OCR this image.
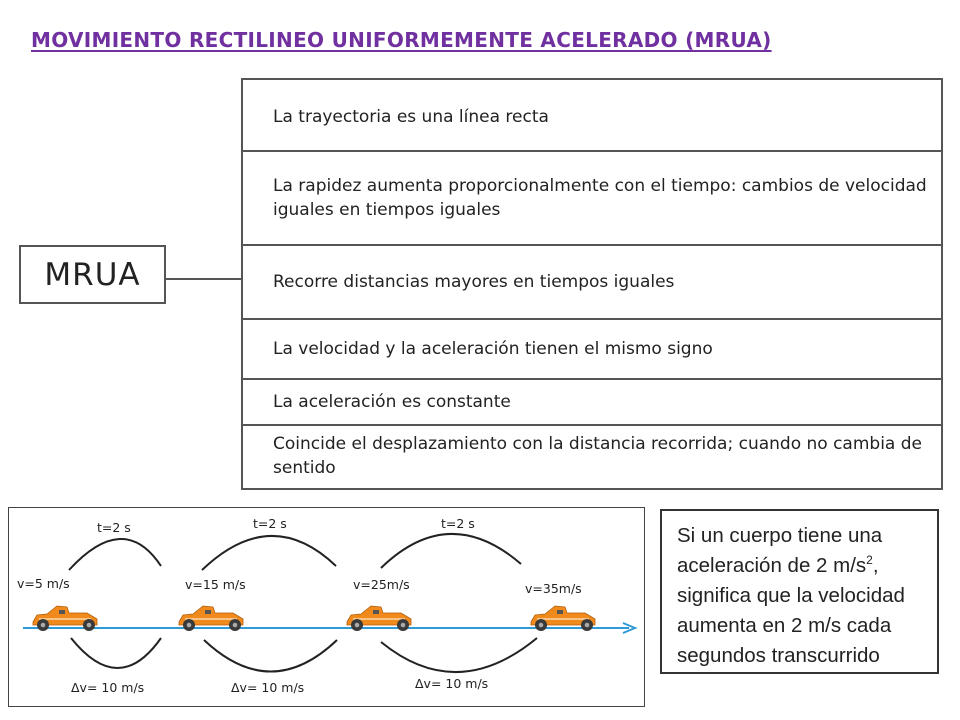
MOVIMIENTO RECTILINEO UNIFORMEMENTE ACELERADO (MRUA)
MRUA
La trayectoria es una línea recta
La rapidez aumenta proporcionalmente con el tiempo: cambios de velocidad iguales en tiempos iguales
Recorre distancias mayores en tiempos iguales
La velocidad y la aceleración tienen el mismo signo
La aceleración es constante
Coincide el desplazamiento con la distancia recorrida; cuando no cambia de sentido
t=2 s	t=2 s	t=2 s
v=5 m/s	v=15 m/s	v=25m/s	v=35m/s
Δv= 10 m/s	Δv= 10 m/s	Δv= 10 m/s
Si un cuerpo tiene una aceleración de 2 $m/s^2$, significa que la velocidad aumenta en 2 m/s cada segundos transcurrido
